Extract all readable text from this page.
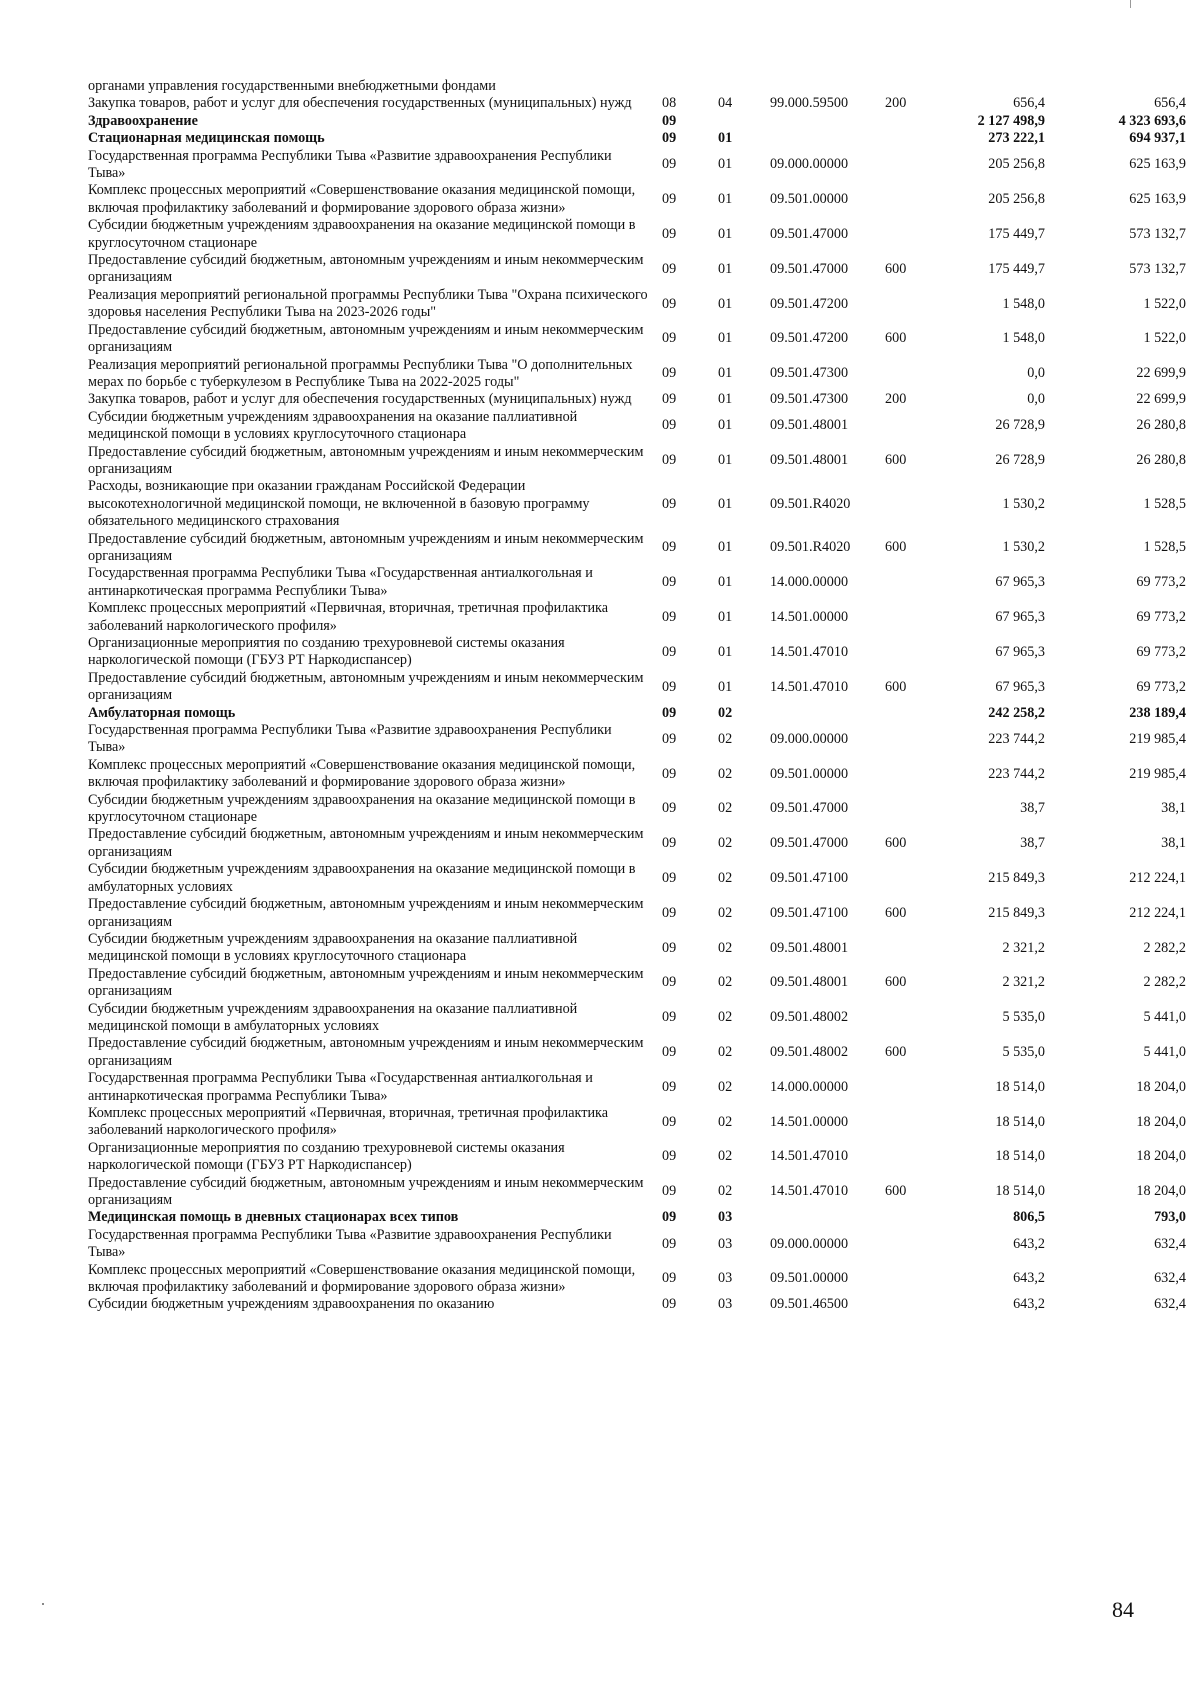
органами управления государственными внебюджетными фондами						
Закупка товаров, работ и услуг для обеспечения государственных (муниципальных) нужд	08	04	99.000.59500	200	656,4	656,4
Здравоохранение	09				2 127 498,9	4 323 693,6
Стационарная медицинская помощь	09	01			273 222,1	694 937,1
Государственная программа Республики Тыва «Развитие здравоохранения Республики Тыва»	09	01	09.000.00000		205 256,8	625 163,9
Комплекс процессных мероприятий «Совершенствование оказания медицинской помощи, включая профилактику заболеваний и формирование здорового образа жизни»	09	01	09.501.00000		205 256,8	625 163,9
Субсидии бюджетным учреждениям здравоохранения на оказание медицинской помощи в круглосуточном стационаре	09	01	09.501.47000		175 449,7	573 132,7
Предоставление субсидий бюджетным, автономным учреждениям и иным некоммерческим организациям	09	01	09.501.47000	600	175 449,7	573 132,7
Реализация мероприятий региональной программы Республики Тыва "Охрана психического здоровья населения Республики Тыва на 2023-2026 годы"	09	01	09.501.47200		1 548,0	1 522,0
Предоставление субсидий бюджетным, автономным учреждениям и иным некоммерческим организациям	09	01	09.501.47200	600	1 548,0	1 522,0
Реализация мероприятий региональной программы Республики Тыва "О дополнительных мерах по борьбе с туберкулезом в Республике Тыва на 2022-2025 годы"	09	01	09.501.47300		0,0	22 699,9
Закупка товаров, работ и услуг для обеспечения государственных (муниципальных) нужд	09	01	09.501.47300	200	0,0	22 699,9
Субсидии бюджетным учреждениям здравоохранения на оказание паллиативной медицинской помощи в условиях круглосуточного стационара	09	01	09.501.48001		26 728,9	26 280,8
Предоставление субсидий бюджетным, автономным учреждениям и иным некоммерческим организациям	09	01	09.501.48001	600	26 728,9	26 280,8
Расходы, возникающие при оказании гражданам Российской Федерации высокотехнологичной медицинской помощи, не включенной в базовую программу обязательного медицинского страхования	09	01	09.501.R4020		1 530,2	1 528,5
Предоставление субсидий бюджетным, автономным учреждениям и иным некоммерческим организациям	09	01	09.501.R4020	600	1 530,2	1 528,5
Государственная программа Республики Тыва «Государственная антиалкогольная и антинаркотическая программа Республики Тыва»	09	01	14.000.00000		67 965,3	69 773,2
Комплекс процессных мероприятий «Первичная, вторичная, третичная профилактика заболеваний наркологического профиля»	09	01	14.501.00000		67 965,3	69 773,2
Организационные мероприятия по созданию трехуровневой системы оказания наркологической помощи (ГБУЗ РТ Наркодиспансер)	09	01	14.501.47010		67 965,3	69 773,2
Предоставление субсидий бюджетным, автономным учреждениям и иным некоммерческим организациям	09	01	14.501.47010	600	67 965,3	69 773,2
Амбулаторная помощь	09	02			242 258,2	238 189,4
Государственная программа Республики Тыва «Развитие здравоохранения Республики Тыва»	09	02	09.000.00000		223 744,2	219 985,4
Комплекс процессных мероприятий «Совершенствование оказания медицинской помощи, включая профилактику заболеваний и формирование здорового образа жизни»	09	02	09.501.00000		223 744,2	219 985,4
Субсидии бюджетным учреждениям здравоохранения на оказание медицинской помощи в круглосуточном стационаре	09	02	09.501.47000		38,7	38,1
Предоставление субсидий бюджетным, автономным учреждениям и иным некоммерческим организациям	09	02	09.501.47000	600	38,7	38,1
Субсидии бюджетным учреждениям здравоохранения на оказание медицинской помощи в амбулаторных условиях	09	02	09.501.47100		215 849,3	212 224,1
Предоставление субсидий бюджетным, автономным учреждениям и иным некоммерческим организациям	09	02	09.501.47100	600	215 849,3	212 224,1
Субсидии бюджетным учреждениям здравоохранения на оказание паллиативной медицинской помощи в условиях круглосуточного стационара	09	02	09.501.48001		2 321,2	2 282,2
Предоставление субсидий бюджетным, автономным учреждениям и иным некоммерческим организациям	09	02	09.501.48001	600	2 321,2	2 282,2
Субсидии бюджетным учреждениям здравоохранения на оказание паллиативной медицинской помощи в амбулаторных условиях	09	02	09.501.48002		5 535,0	5 441,0
Предоставление субсидий бюджетным, автономным учреждениям и иным некоммерческим организациям	09	02	09.501.48002	600	5 535,0	5 441,0
Государственная программа Республики Тыва «Государственная антиалкогольная и антинаркотическая программа Республики Тыва»	09	02	14.000.00000		18 514,0	18 204,0
Комплекс процессных мероприятий «Первичная, вторичная, третичная профилактика заболеваний наркологического профиля»	09	02	14.501.00000		18 514,0	18 204,0
Организационные мероприятия по созданию трехуровневой системы оказания наркологической помощи (ГБУЗ РТ Наркодиспансер)	09	02	14.501.47010		18 514,0	18 204,0
Предоставление субсидий бюджетным, автономным учреждениям и иным некоммерческим организациям	09	02	14.501.47010	600	18 514,0	18 204,0
Медицинская помощь в дневных стационарах всех типов	09	03			806,5	793,0
Государственная программа Республики Тыва «Развитие здравоохранения Республики Тыва»	09	03	09.000.00000		643,2	632,4
Комплекс процессных мероприятий «Совершенствование оказания медицинской помощи, включая профилактику заболеваний и формирование здорового образа жизни»	09	03	09.501.00000		643,2	632,4
Субсидии бюджетным учреждениям здравоохранения по оказанию	09	03	09.501.46500		643,2	632,4
84
